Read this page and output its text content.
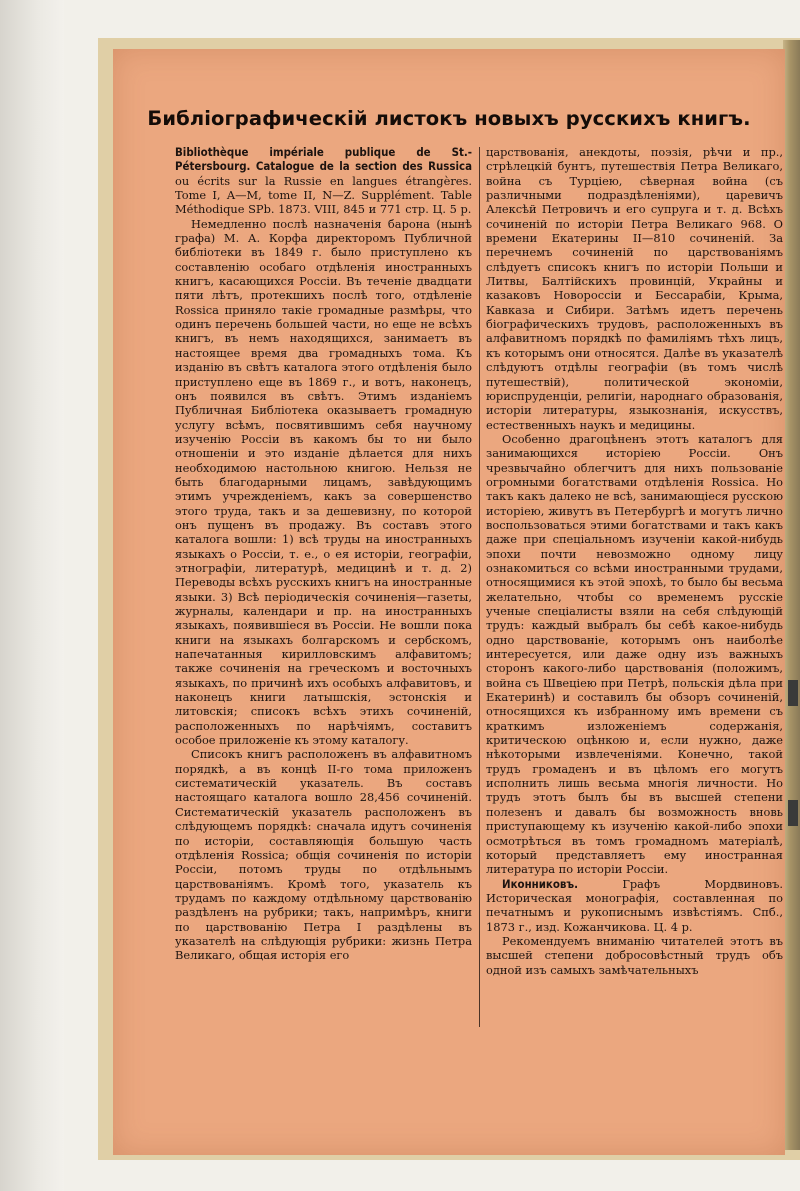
Библіографическій листокъ новыхъ русскихъ книгъ.

Bibliothèque impériale publique de St.-Pétersbourg. Catalogue de la section des Russica ou écrits sur la Russie en langues étrangères. Tome I, A—M, tome II, N—Z. Supplément. Table Méthodique SPb. 1873. VIII, 845 и 771 стр. Ц. 5 р.

Немедленно послѣ назначенія барона (нынѣ графа) М. А. Корфа директоромъ Публичной библіотеки въ 1849 г. было приступлено къ составленію особаго отдѣленія иностранныхъ книгъ, касающихся Россіи. Въ теченіе двадцати пяти лѣтъ, протекшихъ послѣ того, отдѣленіе Rossica приняло такіе громадные размѣры, что одинъ перечень большей части, но еще не всѣхъ книгъ, въ немъ находящихся, занимаетъ въ настоящее время два громадныхъ тома. Къ изданію въ свѣтъ каталога этого отдѣленія было приступлено еще въ 1869 г., и вотъ, наконецъ, онъ появился въ свѣтъ. Этимъ изданіемъ Публичная Библіотека оказываетъ громадную услугу всѣмъ, посвятившимъ себя научному изученію Россіи въ какомъ бы то ни было отношеніи и это изданіе дѣлается для нихъ необходимою настольною книгою. Нельзя не быть благодарными лицамъ, завѣдующимъ этимъ учрежденіемъ, какъ за совершенство этого труда, такъ и за дешевизну, по которой онъ пущенъ въ продажу. Въ составъ этого каталога вошли: 1) всѣ труды на иностранныхъ языкахъ о Россіи, т. е., о ея исторіи, географіи, этнографіи, литературѣ, медицинѣ и т. д. 2) Переводы всѣхъ русскихъ книгъ на иностранные языки. 3) Всѣ періодическія сочиненія—газеты, журналы, календари и пр. на иностранныхъ языкахъ, появившіеся въ Россіи. Не вошли пока книги на языкахъ болгарскомъ и сербскомъ, напечатанныя кирилловскимъ алфавитомъ; также сочиненія на греческомъ и восточныхъ языкахъ, по причинѣ ихъ особыхъ алфавитовъ, и наконецъ книги латышскія, эстонскія и литовскія; списокъ всѣхъ этихъ сочиненій, расположенныхъ по нарѣчіямъ, составитъ особое приложеніе къ этому каталогу.

Списокъ книгъ расположенъ въ алфавитномъ порядкѣ, а въ концѣ II-го тома приложенъ систематическій указатель. Въ составъ настоящаго каталога вошло 28,456 сочиненій. Систематическій указатель расположенъ въ слѣдующемъ порядкѣ: сначала идутъ сочиненія по исторіи, составляющія большую часть отдѣленія Rossica; общія сочиненія по исторіи Россіи, потомъ труды по отдѣльнымъ царствованіямъ. Кромѣ того, указатель къ трудамъ по каждому отдѣльному царствованію раздѣленъ на рубрики; такъ, напримѣръ, книги по царствованію Петра I раздѣлены въ указателѣ на слѣдующія рубрики: жизнь Петра Великаго, общая исторія его

царствованія, анекдоты, поэзія, рѣчи и пр., стрѣлецкій бунтъ, путешествія Петра Великаго, война съ Турціею, сѣверная война (съ различными подраздѣленіями), царевичъ Алексѣй Петровичъ и его супруга и т. д. Всѣхъ сочиненій по исторіи Петра Великаго 968. О времени Екатерины II—810 сочиненій. За перечнемъ сочиненій по царствованіямъ слѣдуетъ списокъ книгъ по исторіи Польши и Литвы, Балтійскихъ провинцій, Украйны и казаковъ Новороссіи и Бессарабіи, Крыма, Кавказа и Сибири. Затѣмъ идетъ перечень біографическихъ трудовъ, расположенныхъ въ алфавитномъ порядкѣ по фамиліямъ тѣхъ лицъ, къ которымъ они относятся. Далѣе въ указателѣ слѣдуютъ отдѣлы географіи (въ томъ числѣ путешествій), политической экономіи, юриспруденціи, религіи, народнаго образованія, исторіи литературы, языкознанія, искусствъ, естественныхъ наукъ и медицины.

Особенно драгоцѣненъ этотъ каталогъ для занимающихся исторіею Россіи. Онъ чрезвычайно облегчитъ для нихъ пользованіе огромными богатствами отдѣленія Rossica. Но такъ какъ далеко не всѣ, занимающіеся русскою исторіею, живутъ въ Петербургѣ и могутъ лично воспользоваться этими богатствами и такъ какъ даже при спеціальномъ изученіи какой-нибудь эпохи почти невозможно одному лицу ознакомиться со всѣми иностранными трудами, относящимися къ этой эпохѣ, то было бы весьма желательно, чтобы со временемъ русскіе ученые спеціалисты взяли на себя слѣдующій трудъ: каждый выбралъ бы себѣ какое-нибудь одно царствованіе, которымъ онъ наиболѣе интересуется, или даже одну изъ важныхъ сторонъ какого-либо царствованія (положимъ, война съ Швеціею при Петрѣ, польскія дѣла при Екатеринѣ) и составилъ бы обзоръ сочиненій, относящихся къ избранному имъ времени съ краткимъ изложеніемъ содержанія, критическою оцѣнкою и, если нужно, даже нѣкоторыми извлеченіями. Конечно, такой трудъ громаденъ и въ цѣломъ его могутъ исполнить лишь весьма многія личности. Но трудъ этотъ былъ бы въ высшей степени полезенъ и давалъ бы возможность вновь приступающему къ изученію какой-либо эпохи осмотрѣться въ томъ громадномъ матеріалѣ, который представляетъ ему иностранная литература по исторіи Россіи.

Иконниковъ. Графъ Мордвиновъ. Историческая монографія, составленная по печатнымъ и рукописнымъ извѣстіямъ. Спб., 1873 г., изд. Кожанчикова. Ц. 4 р.

Рекомендуемъ вниманію читателей этотъ въ высшей степени добросовѣстный трудъ объ одной изъ самыхъ замѣчательныхъ
